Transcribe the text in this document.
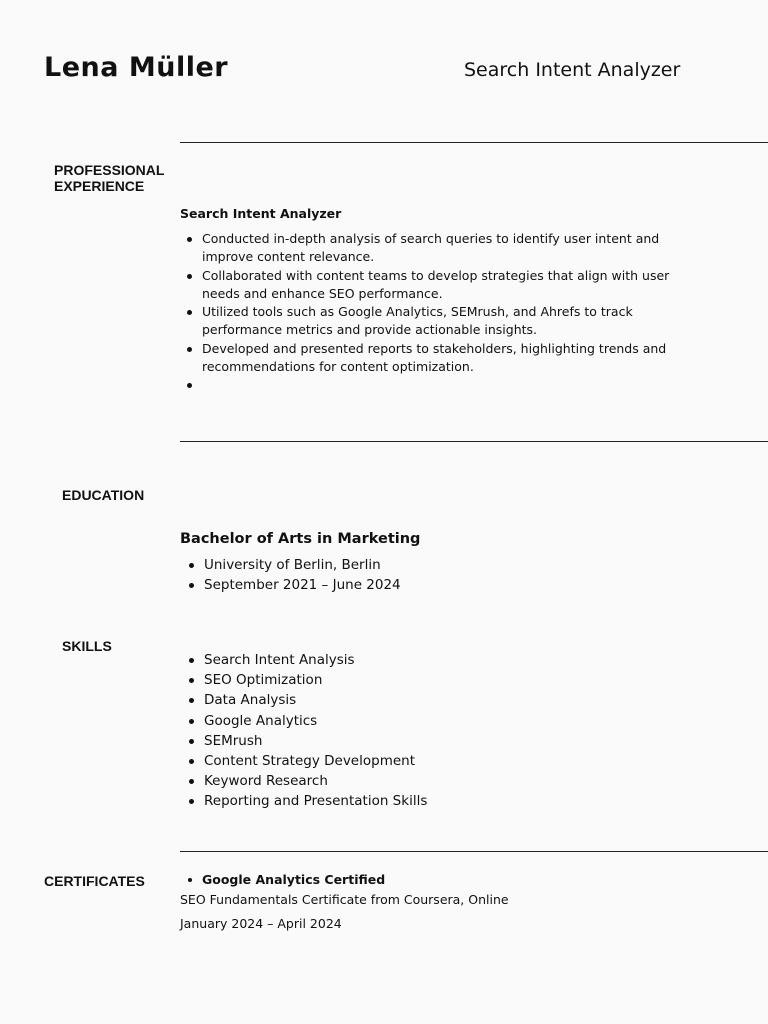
Lena Müller	Search Intent Analyzer
PROFESSIONAL
EXPERIENCE
Search Intent Analyzer
Conducted in-depth analysis of search queries to identify user intent and improve content relevance.
Collaborated with content teams to develop strategies that align with user needs and enhance SEO performance.
Utilized tools such as Google Analytics, SEMrush, and Ahrefs to track performance metrics and provide actionable insights.
Developed and presented reports to stakeholders, highlighting trends and recommendations for content optimization.
EDUCATION
Bachelor of Arts in Marketing
University of Berlin, Berlin
September 2021 – June 2024
SKILLS
Search Intent Analysis
SEO Optimization
Data Analysis
Google Analytics
SEMrush
Content Strategy Development
Keyword Research
Reporting and Presentation Skills
CERTIFICATES	Google Analytics Certified
SEO Fundamentals Certificate from Coursera, Online
January 2024 – April 2024
